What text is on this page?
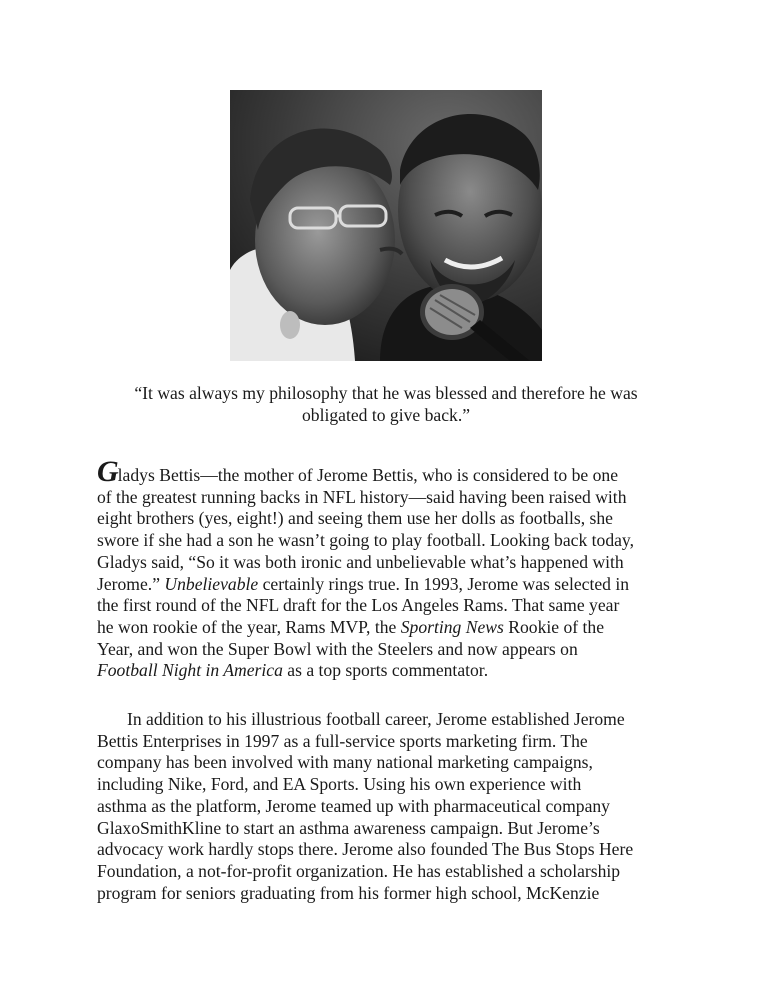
“It was always my philosophy that he was blessed and therefore he was
obligated to give back.”

Gladys Bettis—the mother of Jerome Bettis, who is considered to be one
of the greatest running backs in NFL history—said having been raised with
eight brothers (yes, eight!) and seeing them use her dolls as footballs, she
swore if she had a son he wasn’t going to play football. Looking back today,
Gladys said, “So it was both ironic and unbelievable what’s happened with
Jerome.” Unbelievable certainly rings true. In 1993, Jerome was selected in
the first round of the NFL draft for the Los Angeles Rams. That same year
he won rookie of the year, Rams MVP, the Sporting News Rookie of the
Year, and won the Super Bowl with the Steelers and now appears on
Football Night in America as a top sports commentator.

In addition to his illustrious football career, Jerome established Jerome
Bettis Enterprises in 1997 as a full-service sports marketing firm. The
company has been involved with many national marketing campaigns,
including Nike, Ford, and EA Sports. Using his own experience with
asthma as the platform, Jerome teamed up with pharmaceutical company
GlaxoSmithKline to start an asthma awareness campaign. But Jerome’s
advocacy work hardly stops there. Jerome also founded The Bus Stops Here
Foundation, a not-for-profit organization. He has established a scholarship
program for seniors graduating from his former high school, McKenzie
